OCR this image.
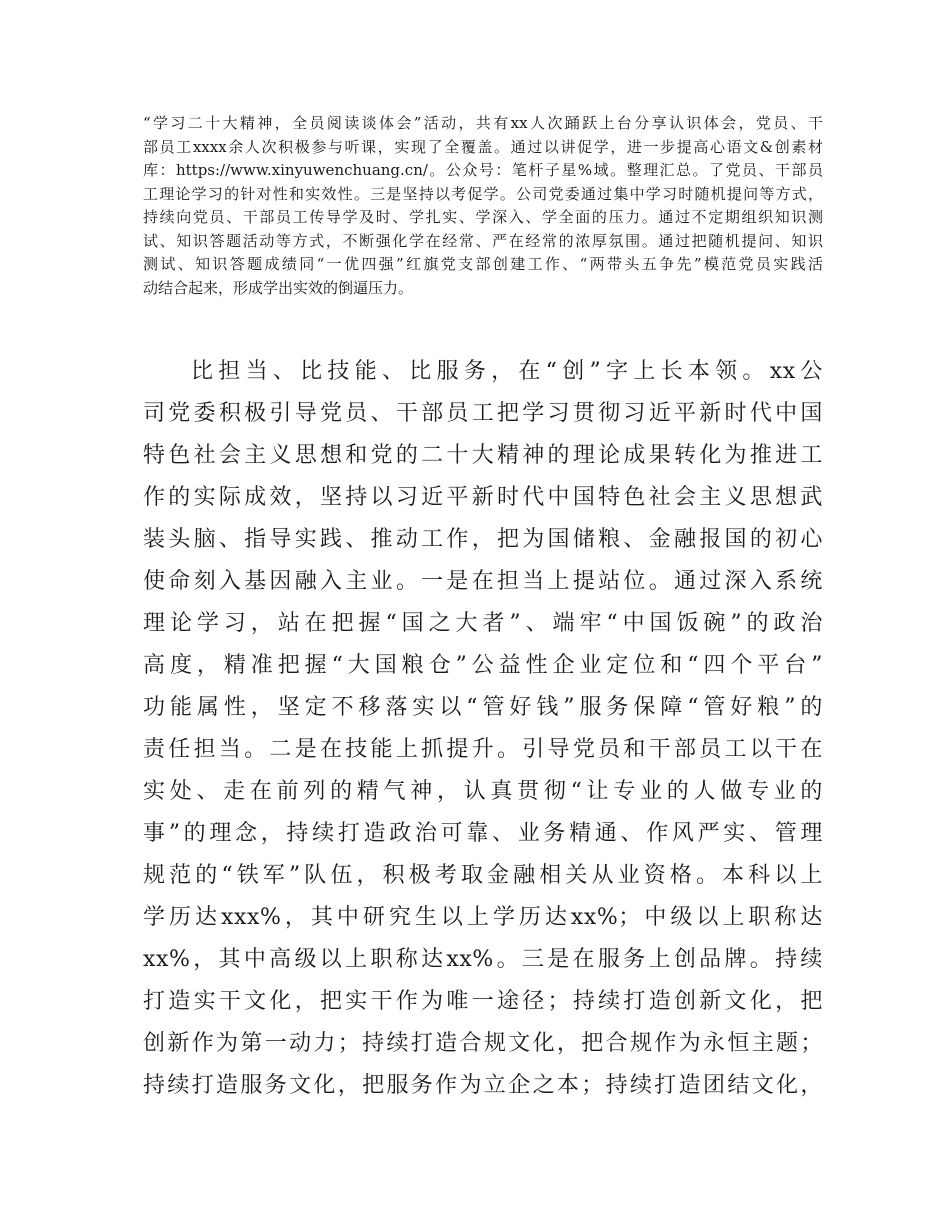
“学习二十大精神，全员阅读谈体会”活动，共有xx人次踊跃上台分享认识体会，党员、干
部员工xxxx余人次积极参与听课，实现了全覆盖。通过以讲促学，进一步提高心语文&创素材
库：https://www.xinyuwenchuang.cn/。公众号：笔杆子星%域。整理汇总。了党员、干部员
工理论学习的针对性和实效性。三是坚持以考促学。公司党委通过集中学习时随机提问等方式，
持续向党员、干部员工传导学及时、学扎实、学深入、学全面的压力。通过不定期组织知识测
试、知识答题活动等方式，不断强化学在经常、严在经常的浓厚氛围。通过把随机提问、知识
测试、知识答题成绩同“一优四强”红旗党支部创建工作、“两带头五争先”模范党员实践活
动结合起来，形成学出实效的倒逼压力。
比担当、比技能、比服务，在“创”字上长本领。xx公
司党委积极引导党员、干部员工把学习贯彻习近平新时代中国
特色社会主义思想和党的二十大精神的理论成果转化为推进工
作的实际成效，坚持以习近平新时代中国特色社会主义思想武
装头脑、指导实践、推动工作，把为国储粮、金融报国的初心
使命刻入基因融入主业。一是在担当上提站位。通过深入系统
理论学习，站在把握“国之大者”、端牢“中国饭碗”的政治
高度，精准把握“大国粮仓”公益性企业定位和“四个平台”
功能属性，坚定不移落实以“管好钱”服务保障“管好粮”的
责任担当。二是在技能上抓提升。引导党员和干部员工以干在
实处、走在前列的精气神，认真贯彻“让专业的人做专业的
事”的理念，持续打造政治可靠、业务精通、作风严实、管理
规范的“铁军”队伍，积极考取金融相关从业资格。本科以上
学历达xxx%，其中研究生以上学历达xx%；中级以上职称达
xx%，其中高级以上职称达xx%。三是在服务上创品牌。持续
打造实干文化，把实干作为唯一途径；持续打造创新文化，把
创新作为第一动力；持续打造合规文化，把合规作为永恒主题；
持续打造服务文化，把服务作为立企之本；持续打造团结文化，
